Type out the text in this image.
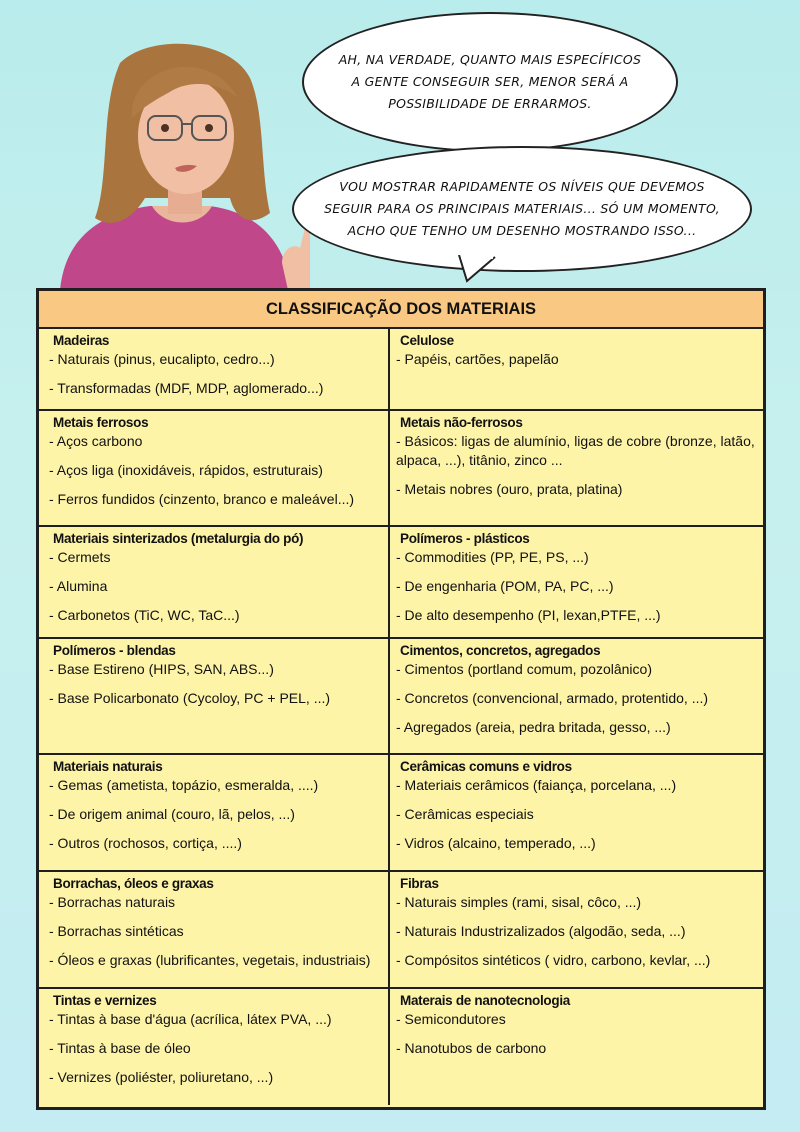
AH, NA VERDADE, QUANTO MAIS ESPECÍFICOS
A GENTE CONSEGUIR SER, MENOR SERÁ A
POSSIBILIDADE DE ERRARMOS.
VOU MOSTRAR RAPIDAMENTE OS NÍVEIS QUE DEVEMOS
SEGUIR PARA OS PRINCIPAIS MATERIAIS... SÓ UM MOMENTO,
ACHO QUE TENHO UM DESENHO MOSTRANDO ISSO...
CLASSIFICAÇÃO DOS MATERIAIS
Madeiras
- Naturais (pinus, eucalipto, cedro...)
- Transformadas (MDF, MDP, aglomerado...)
Celulose
- Papéis, cartões, papelão
Metais ferrosos
- Aços carbono
- Aços liga (inoxidáveis, rápidos, estruturais)
- Ferros fundidos (cinzento, branco e maleável...)
Metais não-ferrosos
- Básicos: ligas de alumínio, ligas de cobre (bronze, latão, alpaca, ...), titânio, zinco ...
- Metais nobres (ouro, prata, platina)
Materiais sinterizados (metalurgia do pó)
- Cermets
- Alumina
- Carbonetos (TiC, WC, TaC...)
Polímeros - plásticos
- Commodities (PP, PE, PS, ...)
- De engenharia (POM, PA, PC, ...)
- De alto desempenho (PI, lexan,PTFE, ...)
Polímeros - blendas
- Base Estireno (HIPS, SAN, ABS...)
- Base Policarbonato (Cycoloy, PC + PEL, ...)
Cimentos, concretos, agregados
- Cimentos (portland comum, pozolânico)
- Concretos (convencional, armado, protentido, ...)
- Agregados (areia, pedra britada, gesso, ...)
Materiais naturais
- Gemas (ametista, topázio, esmeralda, ....)
- De origem animal (couro, lã, pelos, ...)
- Outros (rochosos, cortiça, ....)
Cerâmicas comuns e vidros
- Materiais cerâmicos (faiança, porcelana, ...)
- Cerâmicas especiais
- Vidros (alcaino, temperado, ...)
Borrachas, óleos e graxas
- Borrachas naturais
- Borrachas sintéticas
- Óleos e graxas (lubrificantes, vegetais, industriais)
Fibras
- Naturais simples (rami, sisal, côco, ...)
- Naturais Industrizalizados (algodão, seda, ...)
- Compósitos sintéticos ( vidro, carbono, kevlar, ...)
Tintas e vernizes
- Tintas à base d'água (acrílica, látex PVA, ...)
- Tintas à base de óleo
- Vernizes (poliéster, poliuretano, ...)
Materais de nanotecnologia
- Semicondutores
- Nanotubos de carbono
